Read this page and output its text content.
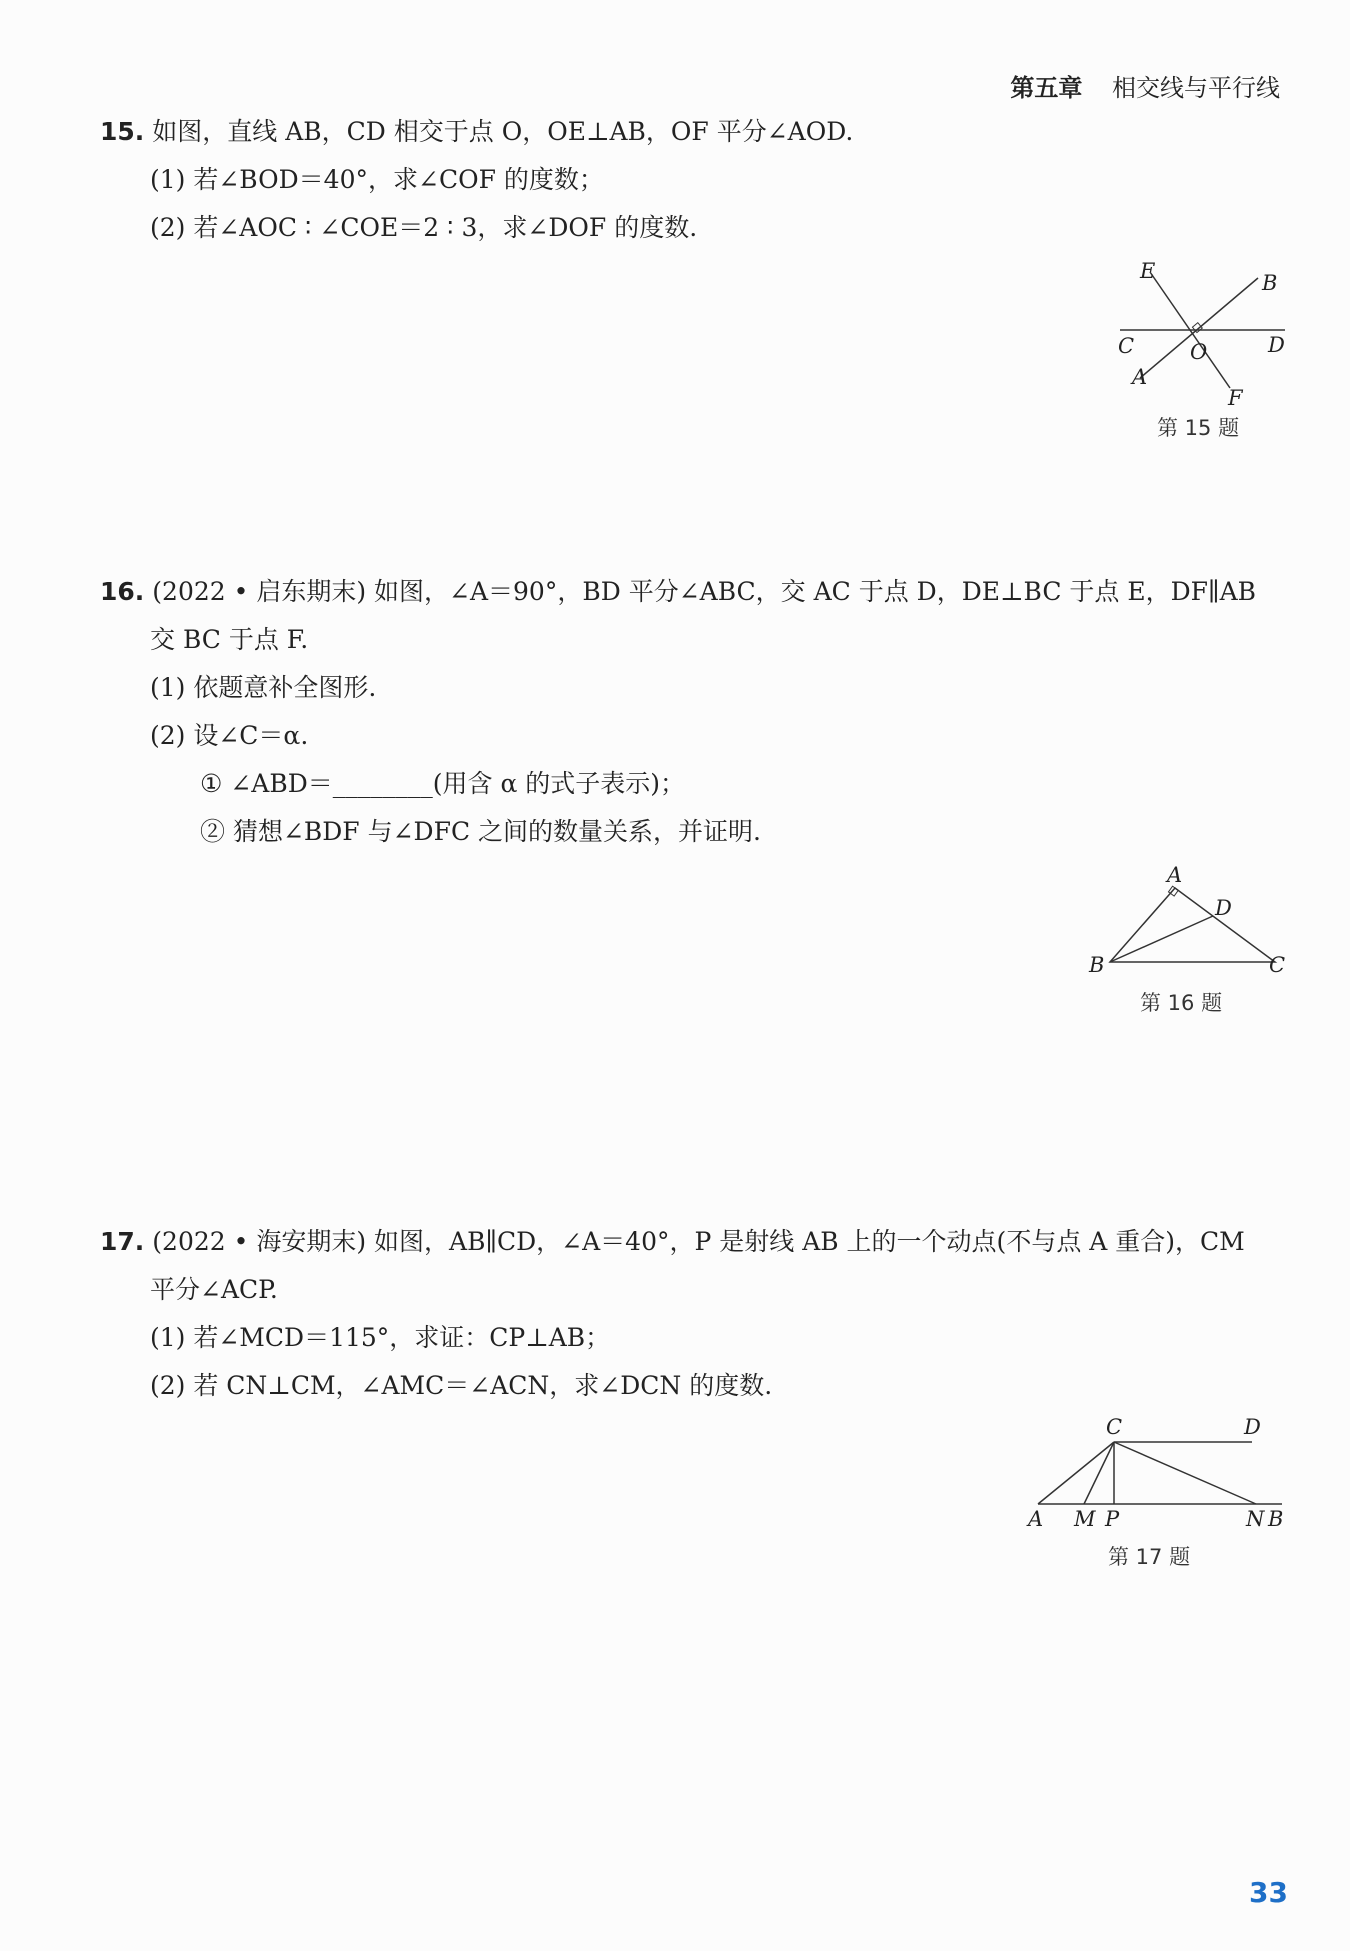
第五章 相交线与平行线
15. 如图，直线 AB，CD 相交于点 O，OE⊥AB，OF 平分∠AOD.
(1) 若∠BOD＝40°，求∠COF 的度数；
(2) 若∠AOC ∶ ∠COE＝2 ∶ 3，求∠DOF 的度数.
E	B
C	O	D
A
F
第 15 题
16. (2022 • 启东期末) 如图，∠A＝90°，BD 平分∠ABC，交 AC 于点 D，DE⊥BC 于点 E，DF∥AB
交 BC 于点 F.
(1) 依题意补全图形.
(2) 设∠C＝α.
① ∠ABD＝________(用含 α 的式子表示)；
② 猜想∠BDF 与∠DFC 之间的数量关系，并证明.
A
D
B	C
第 16 题
17. (2022 • 海安期末) 如图，AB∥CD，∠A＝40°，P 是射线 AB 上的一个动点(不与点 A 重合)，CM
平分∠ACP.
(1) 若∠MCD＝115°，求证：CP⊥AB；
(2) 若 CN⊥CM，∠AMC＝∠ACN，求∠DCN 的度数.
C	D
A M P	N B
第 17 题
33
